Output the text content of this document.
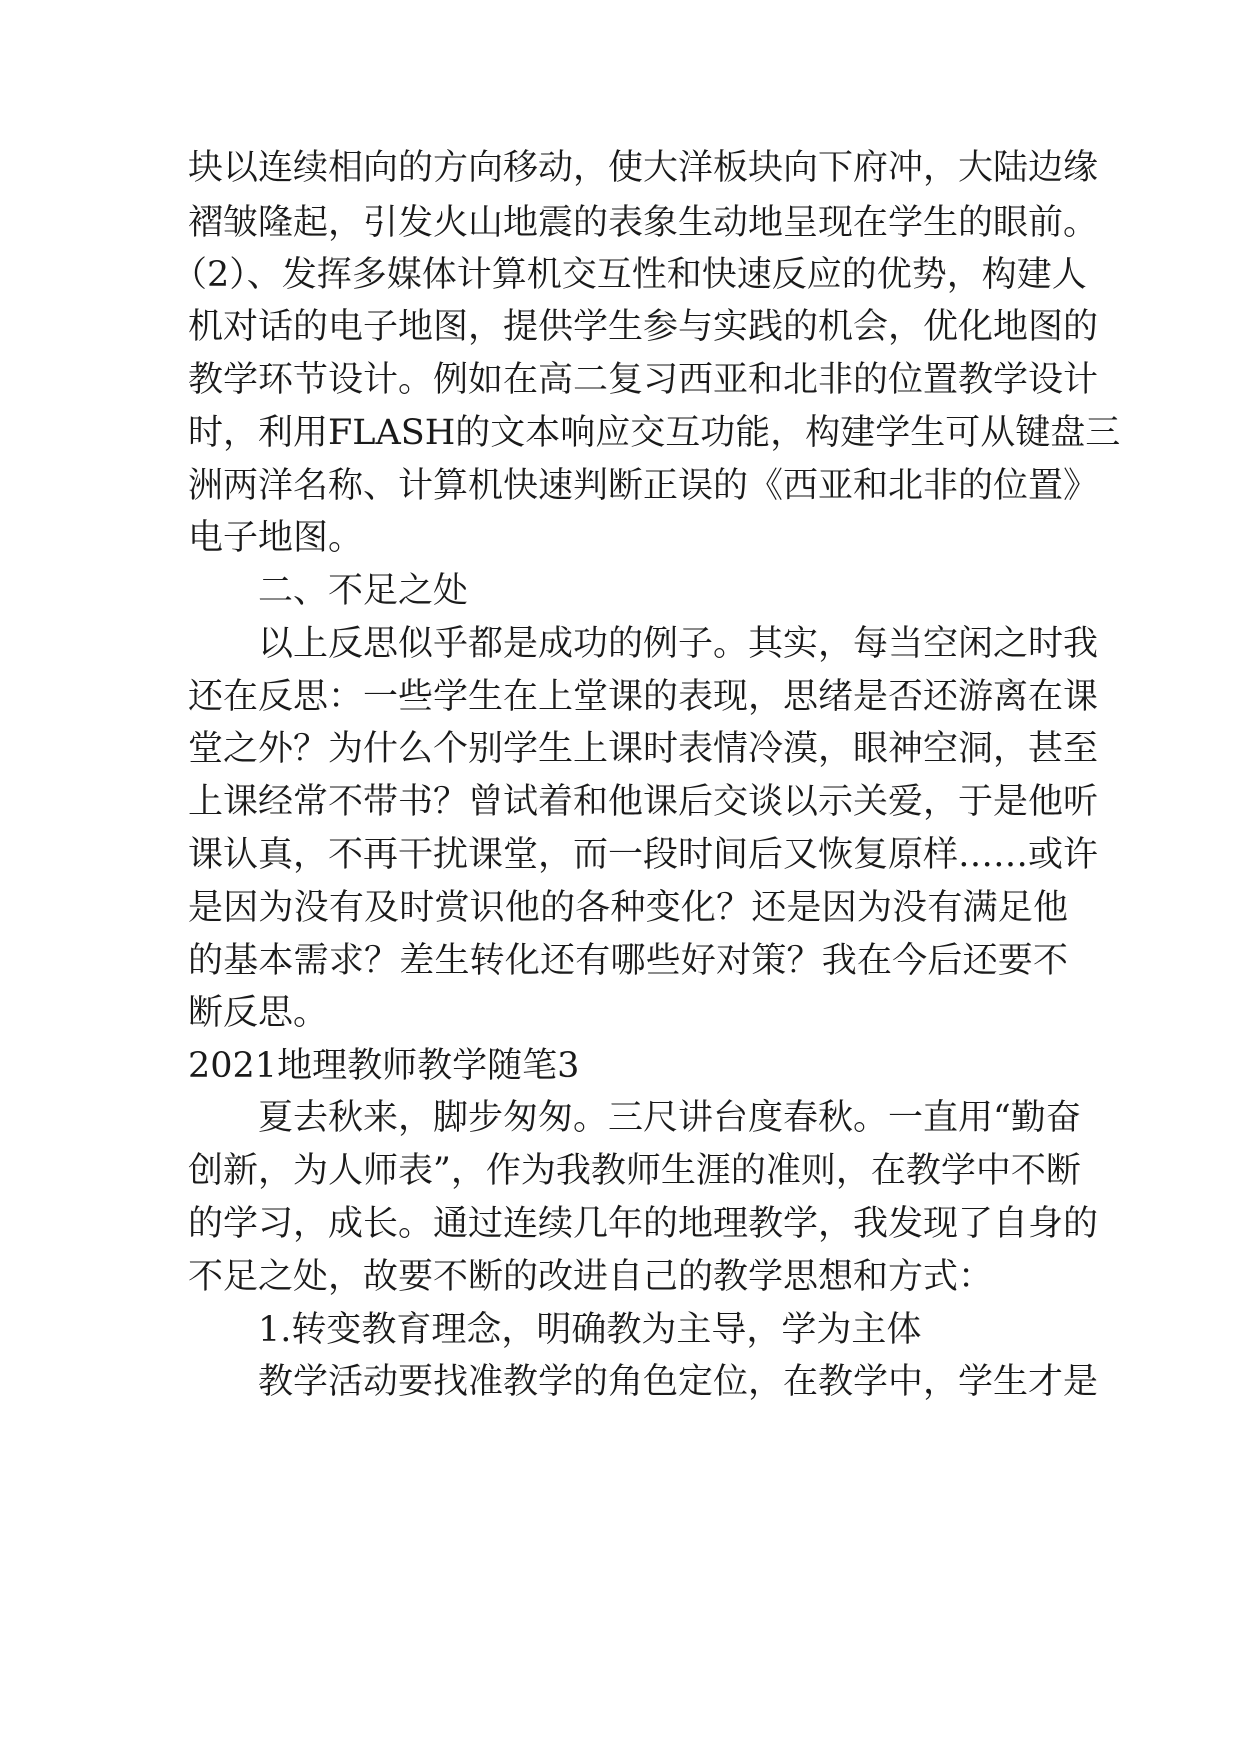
块以连续相向的方向移动，使大洋板块向下府冲，大陆边缘
褶皱隆起，引发火山地震的表象生动地呈现在学生的眼前。
（2）、发挥多媒体计算机交互性和快速反应的优势，构建人
机对话的电子地图，提供学生参与实践的机会，优化地图的
教学环节设计。例如在高二复习西亚和北非的位置教学设计
时，利用FLASH的文本响应交互功能，构建学生可从键盘三
洲两洋名称、计算机快速判断正误的《西亚和北非的位置》
电子地图。
二、不足之处
以上反思似乎都是成功的例子。其实，每当空闲之时我
还在反思：一些学生在上堂课的表现，思绪是否还游离在课
堂之外？为什么个别学生上课时表情冷漠，眼神空洞，甚至
上课经常不带书？曾试着和他课后交谈以示关爱，于是他听
课认真，不再干扰课堂，而一段时间后又恢复原样……或许
是因为没有及时赏识他的各种变化？还是因为没有满足他
的基本需求？差生转化还有哪些好对策？我在今后还要不
断反思。
2021地理教师教学随笔3
夏去秋来，脚步匆匆。三尺讲台度春秋。一直用“勤奋
创新，为人师表”，作为我教师生涯的准则，在教学中不断
的学习，成长。通过连续几年的地理教学，我发现了自身的
不足之处，故要不断的改进自己的教学思想和方式：
1.转变教育理念，明确教为主导，学为主体
教学活动要找准教学的角色定位，在教学中，学生才是
